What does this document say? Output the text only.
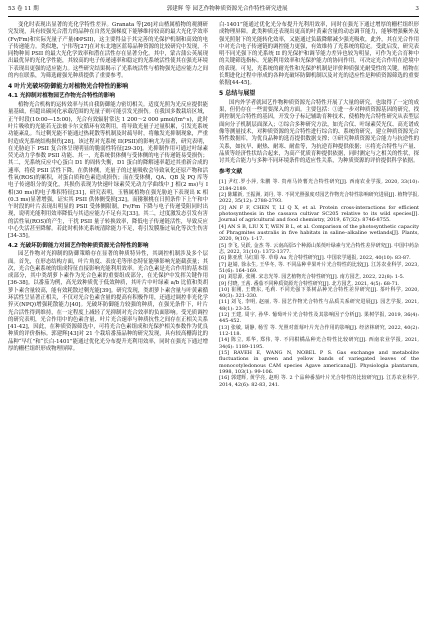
53 卷 11 期	郭建辉 等 园艺作物种质资源光合作特性研究进展	3

变化时表现出显著的光化学特性差异。Granata 等[26]对山楂属植物的观测研究发现，具有较强光合潜力的品种在自然光强梯度下能够维持较高的最大光化学效率(Fv/Fm)和实际光量子产量(ΦPSII)，这主要得益于其完善的光保护机制和高效的电子传递能力。类似地，宁伟等[27]在对东北地区蓝莓品种资源的比较研究中发现，不同物种间 PSII 的最大光化学效率和潜在活性存在显著分化。其中，蒙古蒲公英展现出最优异的光化学性能，其较高的电子传递速率和稳定的光系统活性使其在强光环境下表现出更强的适应能力。这些研究结果揭示了光系统活性与植物强光适应能力之间的内在联系，为筛选耐强光种质提供了重要参考。

4 叶片光破坏防御能力对植物光合特性的影响
4.1 光抑制对植物园艺作物光合特性的影响

植物光合机构的运转效率与其自我防御能力密切相关。适度光照为光反应提供能量基础，但超出碳同化承载范围的光量子则可能引发光损伤。在我国多数栽培区域，正午时段(10:00—15:00)，光合有效辐射常达 1 200～2 000 μmol/(m²·s)，此时叶片吸收的光能若无法被卡尔文循环有效利用，将导致光量子过量积累，引发光系统功能紊乱。当过剩光能不能通过热耗散等机制及时疏导时，将触发光抑制现象，严重时造成光系统结构损伤[28]。该过程对光系统 II(PSII)的影响尤为显著，研究表明，在光胁迫下 PSII 复合体呈现明显的脆弱性特征[29-30]。光抑制作用可通过叶绿素荧光动力学参数 PSII 功能、其一，光系统供体侧与受体侧的电子传递链易受损伤；其二，光系统反应中心蛋白 D1 的周转失衡，D1 蛋白的降解速率超过其重新合成的速率，将使 PSII 活性下降。在供体侧，光量子的过量吸收会导致氧化还原产物和活性氧(ROS)的累积，对蛋白质和色素造成损伤；而在受体侧，QA、QB 及 PQ 库等电子传递组分的变化，其损伤表现为快速叶绿素荧光动力学曲线中 J 相(2 ms)与 I 相(30 ms)的电子堆积特征[31]，研究表明，玉簪属植物在强光胁迫下表现出 K 相(0.3 ms)显著增强，证实其 PSII 供体侧受损[32]。而猕猴桃在日照条件下上午和中午时段的叶片表现出明显的 PSII 受体侧限制，Fv/Fm 下降与电子传递受阻同时出现，说明光能利用效率降低与其适应能力不足有关[33]。其二，过度激发态引发有害的活性氧(ROS)的产生，干扰 PSII 量子转换效率，降低电子传递链活性，导致反应中心失活甚至降解。若此时机体光系统清除能力不足，将引发膜脂过氧化等次生伤害[34-35]。

4.2 光破坏防御能力对园艺作物种质资源光合特性的影响

园艺作物对光抑制的防御策略存在显著的种质特异性，其调控机制涉及多个层面。首先，在形态结构方面，叶片角度、表皮毛等形态特征能够影响光能截获量；其次，光合色素系统的组成特征直接影响光能利用效率。光合色素是光合作用的基本组成部分，其中类胡萝卜素作为光合色素的重要组成部分，在光保护中发挥关键作用[36-38]。以番茄为例，高光效种质优于低效种质，其叶片中叶绿素 a/b 比值和类胡萝卜素含量较高，能有效耗散过剩光能[39]。研究发现，类胡萝卜素含量与叶黄素循环活性呈显著正相关，不仅对光合色素含量的提高有积极作用，还通过调控非光化学猝灭(NPQ)增强耗散能力[40]。光破坏防御能力较强的种质，在强光条件下，叶片光合活性得到维持，在一定程度上减轻了光抑制对光合效率的负面影响。受光质调控的研究表明，光合作用中的色素含量、叶片光合速率与种质抗性之间存在正相关关系[41-42]，因此，在种质资源筛选中，可将光合色素组成和光保护相关参数作为优良种质的评价指标。郭建辉[43]对 21 个栽培番茄品种的研究发现，具有较高栅海比的品种“早红”和“长白-1401”能通过优化光分布提升光利用效率，同时在强光下通过增厚的栅栏组织形成物理屏障。

白-1401”能通过优化光分布提升光利用效率，同时在强光下通过增厚的栅栏组织形成物理屏障。此类种质还表现出更高的叶黄素含量的动态调节能力，能够增强紫外及强光照射下的光能转化效率，又能通过负载降解减少强光吸收，此外，其在光合作用中对光合电子传递链的调控能力更强，有效维持了光系统的稳定。受此启发，研究表明不同光强下的光系统 II 的光保护和调节能力差异也较为明显，可作为光合育种中的关键筛选指标。光能利用效率和光保护能力的协同作用，可决定光合作用在逆境中的表现。可见，光系统的耐光性和光保护机制是评价种质强光耐受性的关键。植物在长期进化过程中形成的各种光破坏防御机制以及对光的适应性是种质资源筛选的重要依据[44-45]。

5 总结与展望

国内外学者就园艺作物种质资源光合特性开展了大量的研究，也取得了一定的成果，但仍存在一些需要深入的方面。主要包括：①进一步对种质资源基因的研究，找到控制光合特性的基因，开发分子标记辅助育种技术，使植物光合特性研究从表型层面向分子机制层面深入；②综合多种研究方法，如光合仪、叶绿素荧光仪、高光谱成像等测量技术，对种质资源的光合特性进行综合的、系统的研究，建立种质资源光合特性数据库，为优良品种的选育提供数据支撑；③研究种质资源光合能力与抗逆性的关系，如抗旱、耐热、耐寒、耐盐等，为抗逆育种提供依据；④将光合特性与产量、品质等经济性状结合起来，为高产优质育种提供依据，同时测定与之相关的性状，探讨其光合能力与多种不同环境条件的适应性关系，为种质资源的评价提供科学依据。

参考文献
[1] 尹红.罗小萍, 朱鹏 等. 贵州马铃薯光合特性研究[J]. 西南农业学报, 2020, 33(10): 2184-2189.
[2] 陈耀新, 王振洲, 刘丹, 等. 不同光照强度对园艺作物光合特性影响研究进展[J]. 植物学报, 2022, 35(12): 2788-2793.
[3] AN F F, CHEN T, LI Q X, et al. Protein cross-interactions for efficient photosynthesis in the cassava cultivar SC205 relative to its wild species[J]. Journal of agricultural and food chemistry, 2019, 67(32): 8746-8755.
[4] AN S B, LIU X T, WEN B L, et al. Comparison of the photosynthetic capacity of Phragmites australis in five habitats in saline–alkaline wetlands[J]. Plants, 2020, 9(10): 1-17.
[5] 李飞, 吴跃, 金杰 等. 云南高原5个种源山茱萸叶绿素与光合特性差异研究[J]. 中国中药杂志, 2022, 31(10): 1372-1377.
[6] 陈亚欣 马红娟 等. 草莓 Au 光合特性研究[J]. 中国农学通报, 2022, 40(10): 83-87.
[7] 赵婧, 徐永生, 王华冬, 等. 不同品种苹果叶片光合特性的比较[J]. 江苏农业科学, 2023, 51(6): 164-169.
[8] 刘思源, 张刚. 宋志光等. 园艺植物光合特性研究[J]. 南方园艺, 2022, 22(8): 1-5.
[9] 付晓, 王茜. 番茄不同种质资源光合特性研究[J]. 北方园艺, 2021, 4(5): 68-71.
[10] 崔刚, 王晓东, 毛莉. 不同光强下茶树品种光合特性差异研究[J]. 茶叶科学, 2020, 40(3): 321-330.
[11] 刘飞, 李明, 赵丽, 等. 园艺作物光合特性与品质关系研究进展[J]. 园艺学报, 2021, 48(1): 23-35.
[12] 王建, 周宇, 孙华. 葡萄叶片光合特性及其影响因子分析[J]. 果树学报, 2019, 36(4): 445-452.
[13] 张敏, 胡静, 杨雪 等. 光照对蓝莓叶片光合作用的影响[J]. 经济林研究, 2022, 40(2): 112-118.
[14] 陈立, 邓华, 郑伟, 等. 不同柑橘品种光合特性比较研究[J]. 西南农业学报, 2021, 34(6): 1189-1195.
[15] RAVEH E, WANG N, NOBEL P S. Gas exchange and metabolite fluctuations in green and yellow bands of variegated leaves of the monocotyledonous CAM species Agave americana[J]. Physiologia plantarum, 1998, 103(1): 99-106.
[16] 郭建辉, 黄学亮, 赵明 等. 2 个品种番茄叶片光合特性的比较研究[J]. 江苏农业科学, 2014, 42(6): 82-83, 241.
